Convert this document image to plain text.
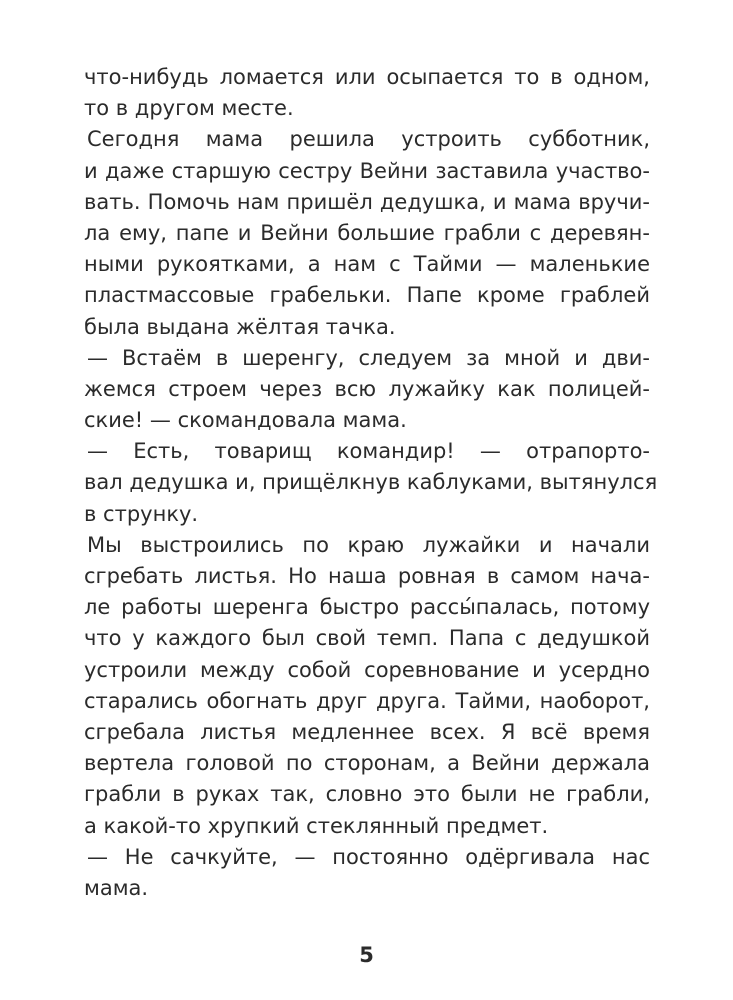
что-нибудь ломается или осыпается то в одном,
то в другом месте.
Сегодня мама решила устроить субботник,
и даже старшую сестру Вейни заставила участво-
вать. Помочь нам пришёл дедушка, и мама вручи-
ла ему, папе и Вейни большие грабли с деревян-
ными рукоятками, а нам с Тайми — маленькие
пластмассовые грабельки. Папе кроме граблей
была выдана жёлтая тачка.
— Встаём в шеренгу, следуем за мной и дви-
жемся строем через всю лужайку как полицей-
ские! — скомандовала мама.
— Есть, товарищ командир! — отрапорто-
вал дедушка и, прищёлкнув каблуками, вытянулся
в струнку.
Мы выстроились по краю лужайки и начали
сгребать листья. Но наша ровная в самом нача-
ле работы шеренга быстро рассы́палась, потому
что у каждого был свой темп. Папа с дедушкой
устроили между собой соревнование и усердно
старались обогнать друг друга. Тайми, наоборот,
сгребала листья медленнее всех. Я всё время
вертела головой по сторонам, а Вейни держала
грабли в руках так, словно это были не грабли,
а какой-то хрупкий стеклянный предмет.
— Не сачкуйте, — постоянно одёргивала нас
мама.
5
